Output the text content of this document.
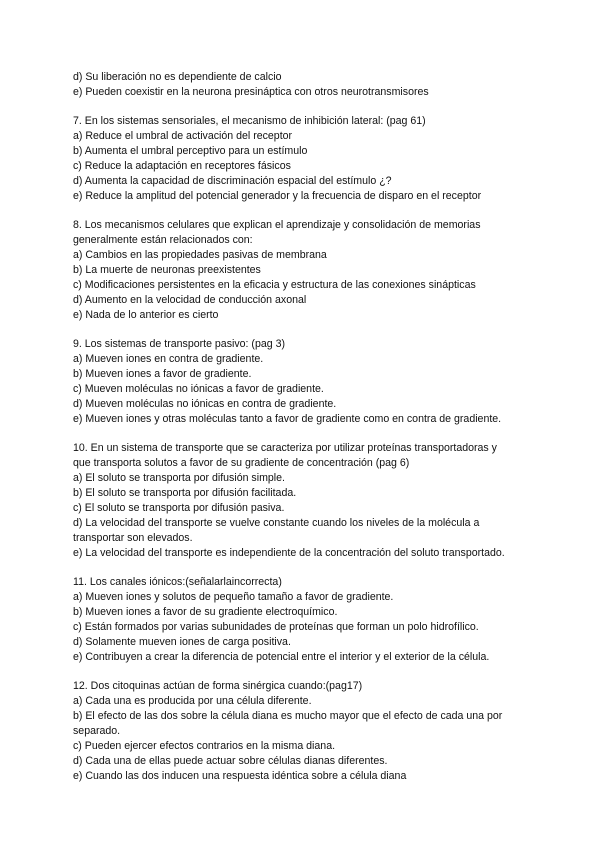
d) Su liberación no es dependiente de calcio
e) Pueden coexistir en la neurona presináptica con otros neurotransmisores
7. En los sistemas sensoriales, el mecanismo de inhibición lateral: (pag 61)
a) Reduce el umbral de activación del receptor
b) Aumenta el umbral perceptivo para un estímulo
c) Reduce la adaptación en receptores fásicos
d) Aumenta la capacidad de discriminación espacial del estímulo ¿?
e) Reduce la amplitud del potencial generador y la frecuencia de disparo en el receptor
8. Los mecanismos celulares que explican el aprendizaje y consolidación de memorias
generalmente están relacionados con:
a) Cambios en las propiedades pasivas de membrana
b) La muerte de neuronas preexistentes
c) Modificaciones persistentes en la eficacia y estructura de las conexiones sinápticas
d) Aumento en la velocidad de conducción axonal
e) Nada de lo anterior es cierto
9. Los sistemas de transporte pasivo: (pag 3)
a) Mueven iones en contra de gradiente.
b) Mueven iones a favor de gradiente.
c) Mueven moléculas no iónicas a favor de gradiente.
d) Mueven moléculas no iónicas en contra de gradiente.
e) Mueven iones y otras moléculas tanto a favor de gradiente como en contra de gradiente.
10. En un sistema de transporte que se caracteriza por utilizar proteínas transportadoras y
que transporta solutos a favor de su gradiente de concentración (pag 6)
a) El soluto se transporta por difusión simple.
b) El soluto se transporta por difusión facilitada.
c) El soluto se transporta por difusión pasiva.
d) La velocidad del transporte se vuelve constante cuando los niveles de la molécula a
transportar son elevados.
e) La velocidad del transporte es independiente de la concentración del soluto transportado.
11. Los canales iónicos:(señalarlaincorrecta)
a) Mueven iones y solutos de pequeño tamaño a favor de gradiente.
b) Mueven iones a favor de su gradiente electroquímico.
c) Están formados por varias subunidades de proteínas que forman un polo hidrofílico.
d) Solamente mueven iones de carga positiva.
e) Contribuyen a crear la diferencia de potencial entre el interior y el exterior de la célula.
12. Dos citoquinas actúan de forma sinérgica cuando:(pag17)
a) Cada una es producida por una célula diferente.
b) El efecto de las dos sobre la célula diana es mucho mayor que el efecto de cada una por
separado.
c) Pueden ejercer efectos contrarios en la misma diana.
d) Cada una de ellas puede actuar sobre células dianas diferentes.
e) Cuando las dos inducen una respuesta idéntica sobre a célula diana
